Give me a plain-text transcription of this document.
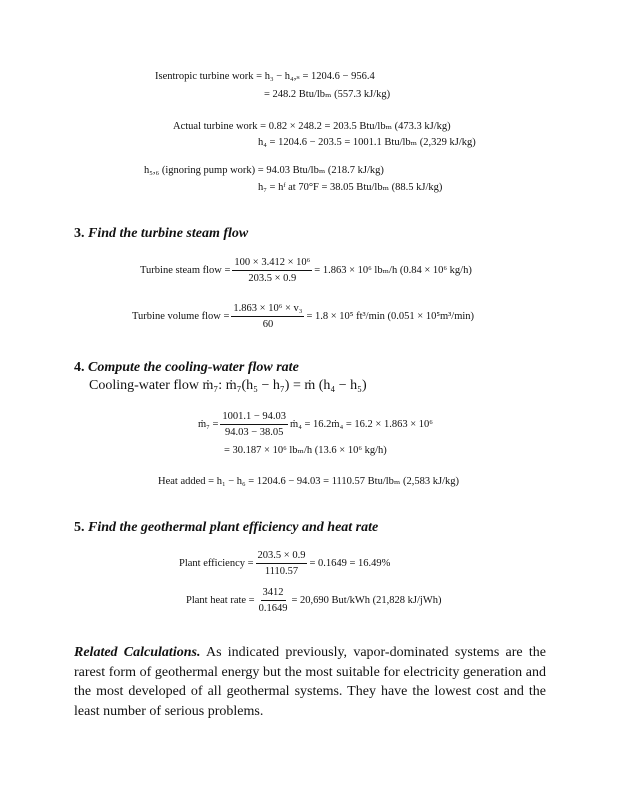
Isentropic turbine work = h₃ − h₄,ₛ = 1204.6 − 956.4
= 248.2 Btu/lbₘ (557.3 kJ/kg)
Actual turbine work = 0.82 × 248.2 = 203.5 Btu/lbₘ (473.3 kJ/kg)
h₄ = 1204.6 − 203.5 = 1001.1 Btu/lbₘ (2,329 kJ/kg)
h₅,₆ (ignoring pump work) = 94.03 Btu/lbₘ (218.7 kJ/kg)
h₇ = hᶠ at 70°F = 38.05 Btu/lbₘ (88.5 kJ/kg)
3. Find the turbine steam flow
Turbine steam flow = $\frac{\text{100 × 3.412 × 10⁶}}{203.5 \times 0.9} = 1.863 \times 10^6$ lbₘ/h (0.84 × 10⁶ kg/h)
Turbine volume flow = $\frac{\text{1.863 × 10⁶ × v₃}}{60} = 1.8 \times 10^5$ ft³/min (0.051 × 10⁵m³/min)
4. Compute the cooling-water flow rate
Cooling-water flow ṁ₇: ṁ₇(h₅ − h₇) = ṁ (h₄ − h₅)
ṁ₇ = $\frac{1001.1 - 94.03}{94.03 - 38.05}$ ṁ₄ = 16.2ṁ₄ = 16.2 × 1.863 × 10⁶
= 30.187 × 10⁶ lbₘ/h (13.6 × 10⁶ kg/h)
Heat added = h₁ − h₆ = 1204.6 − 94.03 = 1110.57 Btu/lbₘ (2,583 kJ/kg)
5. Find the geothermal plant efficiency and heat rate
Plant efficiency = $\frac{203.5 \times 0.9}{1110.57} = 0.1649 = 16.49\%$
Plant heat rate = $\frac{3412}{0.1649} = 20,690$ But/kWh (21,828 kJ/jWh)
Related Calculations. As indicated previously, vapor-dominated systems are the rarest form of geothermal energy but the most suitable for electricity generation and the most developed of all geothermal systems. They have the lowest cost and the least number of serious problems.
